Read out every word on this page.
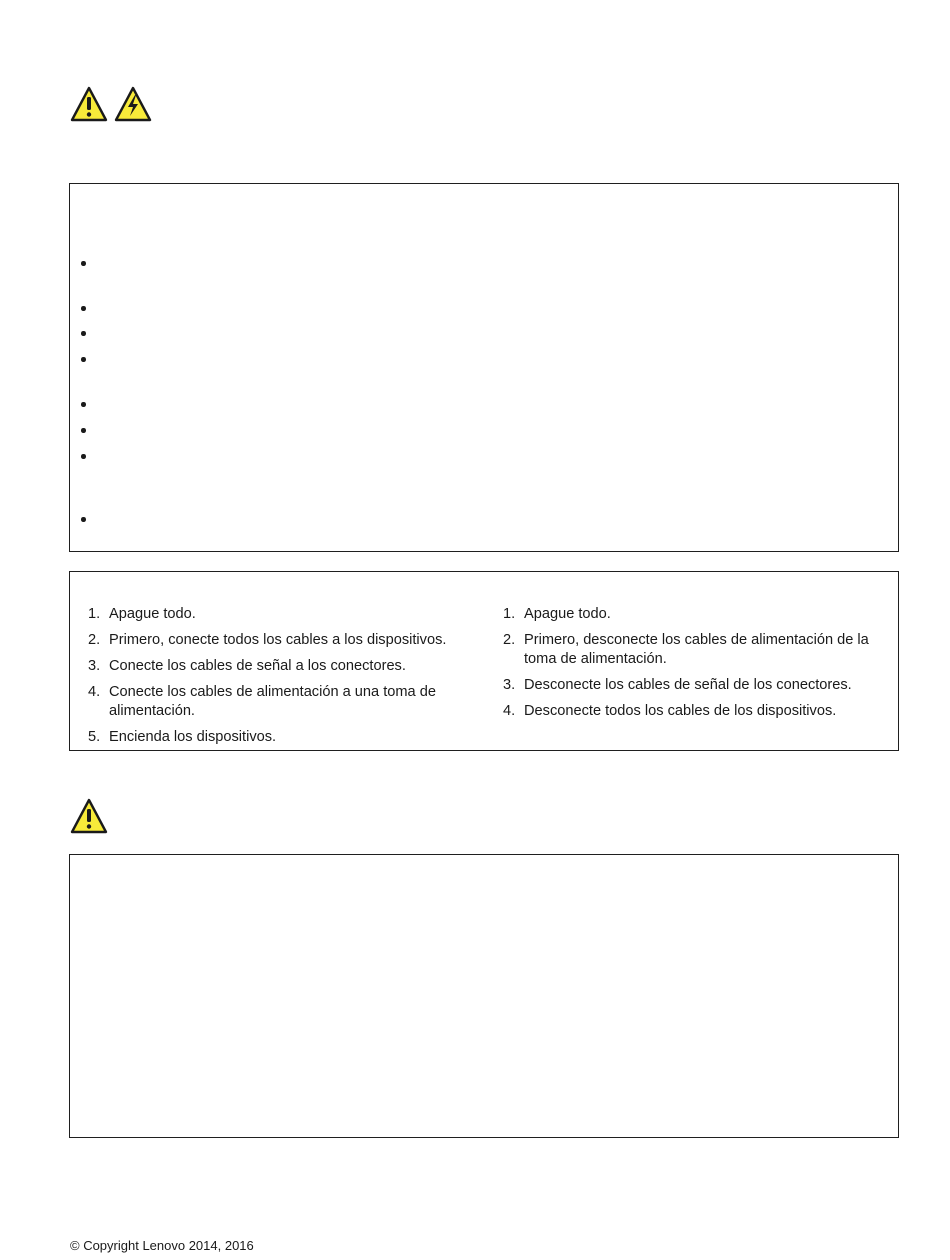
1. Apague todo.
2. Primero, conecte todos los cables a los dispositivos.
3. Conecte los cables de señal a los conectores.
4. Conecte los cables de alimentación a una toma de alimentación.
5. Encienda los dispositivos.
1. Apague todo.
2. Primero, desconecte los cables de alimentación de la toma de alimentación.
3. Desconecte los cables de señal de los conectores.
4. Desconecte todos los cables de los dispositivos.
© Copyright Lenovo 2014, 2016
